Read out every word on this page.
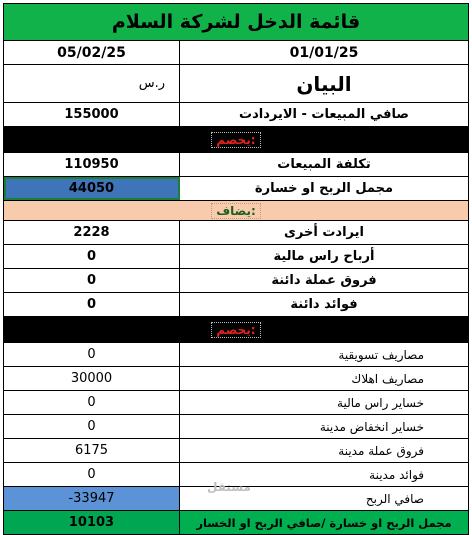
قائمة الدخل لشركة السلام
05/02/25	01/01/25
ر.س	البيان
155000	صافي المبيعات - الايردادت
يخصم:
110950	تكلفة المبيعات
44050	مجمل الربح او خسارة
يضاف:
2228	ايرادت أخرى
0	أرباح راس مالية
0	فروق عملة دائنة
0	فوائد دائنة
يخصم:
0	مصاريف تسويقية
30000	مصاريف اهلاك
0	خساير راس مالية
0	خساير انخفاض مدينة
6175	فروق عملة مدينة
0	فوائد مدينة
-33947	صافي الربح
10103	مجمل الربح او خسارة /صافي الربح او الخسار
مستقل
